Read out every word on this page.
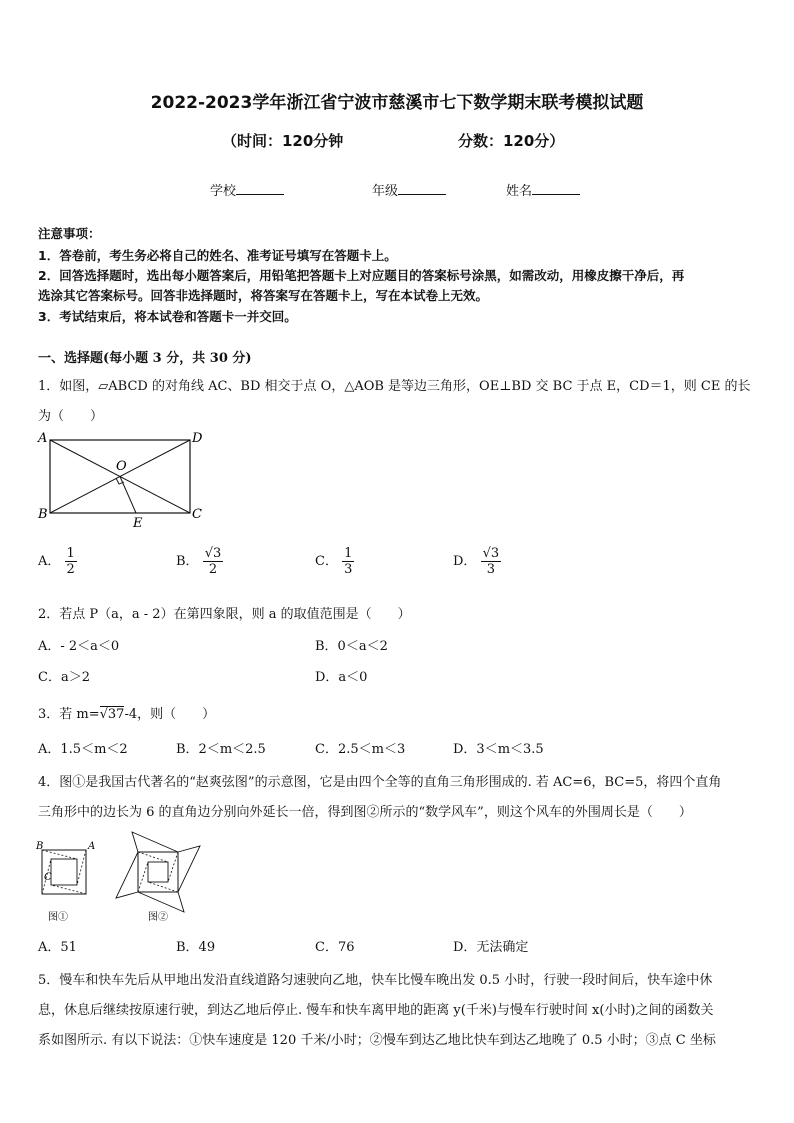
2022-2023学年浙江省宁波市慈溪市七下数学期末联考模拟试题
（时间：120分钟	分数：120分）
学校	年级	姓名
注意事项：
1．答卷前，考生务必将自己的姓名、准考证号填写在答题卡上。
2．回答选择题时，选出每小题答案后，用铅笔把答题卡上对应题目的答案标号涂黑，如需改动，用橡皮擦干净后，再
选涂其它答案标号。回答非选择题时，将答案写在答题卡上，写在本试卷上无效。
3．考试结束后，将本试卷和答题卡一并交回。
一、选择题(每小题 3 分，共 30 分)
1．如图，▱ABCD 的对角线 AC、BD 相交于点 O，△AOB 是等边三角形，OE⊥BD 交 BC 于点 E，CD＝1，则 CE 的长
为（　　）
A	D
B	C
O
E
A． $\frac{1}{2}$	B． $\frac{√3}{2}$	C． $\frac{1}{3}$	D． $\frac{√3}{3}$
2．若点 P（a，a - 2）在第四象限，则 a 的取值范围是（　　）
A．- 2＜a＜0	B．0＜a＜2
C．a＞2	D．a＜0
3．若 m=√37-4，则（　　）
A．1.5＜m＜2	B．2＜m＜2.5	C．2.5＜m＜3	D．3＜m＜3.5
4．图①是我国古代著名的“赵爽弦图”的示意图，它是由四个全等的直角三角形围成的. 若 AC=6，BC=5，将四个直角
三角形中的边长为 6 的直角边分别向外延长一倍，得到图②所示的“数学风车”，则这个风车的外围周长是（　　）
B	A
C
图①	图②
A．51	B．49	C．76	D．无法确定
5．慢车和快车先后从甲地出发沿直线道路匀速驶向乙地，快车比慢车晚出发 0.5 小时，行驶一段时间后，快车途中休
息，休息后继续按原速行驶，到达乙地后停止. 慢车和快车离甲地的距离 y(千米)与慢车行驶时间 x(小时)之间的函数关
系如图所示. 有以下说法：①快车速度是 120 千米/小时；②慢车到达乙地比快车到达乙地晚了 0.5 小时；③点 C 坐标
